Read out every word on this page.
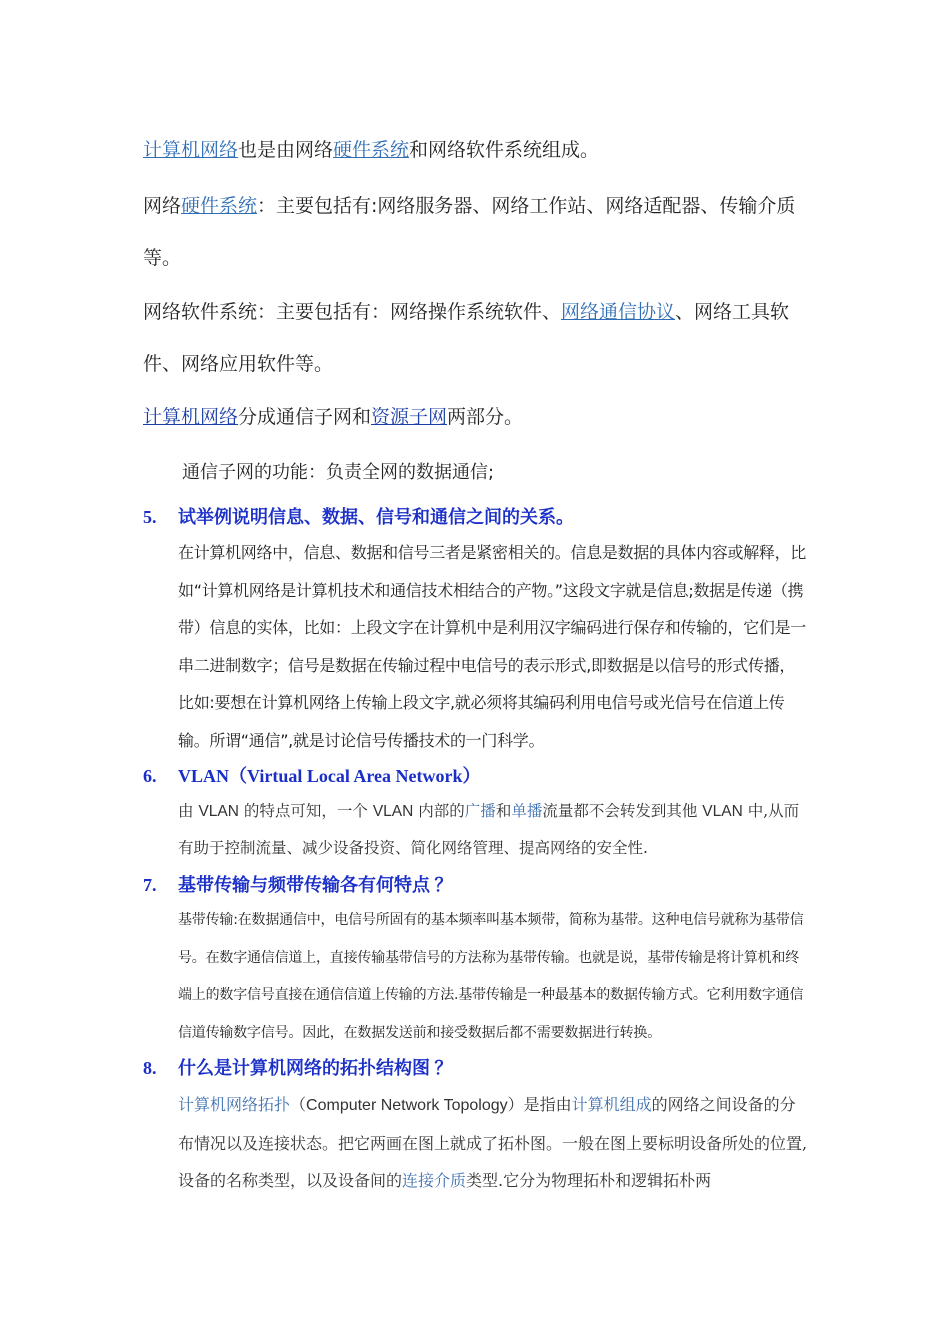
计算机网络也是由网络硬件系统和网络软件系统组成。

网络硬件系统：主要包括有:网络服务器、网络工作站、网络适配器、传输介质等。

网络软件系统：主要包括有：网络操作系统软件、网络通信协议、网络工具软件、网络应用软件等。

计算机网络分成通信子网和资源子网两部分。

通信子网的功能：负责全网的数据通信;

5. 试举例说明信息、数据、信号和通信之间的关系。

在计算机网络中，信息、数据和信号三者是紧密相关的。信息是数据的具体内容或解释，比如“计算机网络是计算机技术和通信技术相结合的产物。”这段文字就是信息;数据是传递（携带）信息的实体，比如：上段文字在计算机中是利用汉字编码进行保存和传输的，它们是一串二进制数字；信号是数据在传输过程中电信号的表示形式,即数据是以信号的形式传播，比如:要想在计算机网络上传输上段文字,就必须将其编码利用电信号或光信号在信道上传输。所谓“通信”,就是讨论信号传播技术的一门科学。

6. VLAN（Virtual Local Area Network）

由 VLAN 的特点可知，一个 VLAN 内部的广播和单播流量都不会转发到其他 VLAN 中,从而有助于控制流量、减少设备投资、简化网络管理、提高网络的安全性.

7. 基带传输与频带传输各有何特点 ？

基带传输:在数据通信中，电信号所固有的基本频率叫基本频带，简称为基带。这种电信号就称为基带信号。在数字通信信道上，直接传输基带信号的方法称为基带传输。也就是说，基带传输是将计算机和终端上的数字信号直接在通信信道上传输的方法.基带传输是一种最基本的数据传输方式。它利用数字通信信道传输数字信号。因此，在数据发送前和接受数据后都不需要数据进行转换。

8. 什么是计算机网络的拓扑结构图 ？

计算机网络拓扑（Computer Network Topology）是指由计算机组成的网络之间设备的分布情况以及连接状态。把它两画在图上就成了拓朴图。一般在图上要标明设备所处的位置,设备的名称类型，以及设备间的连接介质类型.它分为物理拓朴和逻辑拓朴两
